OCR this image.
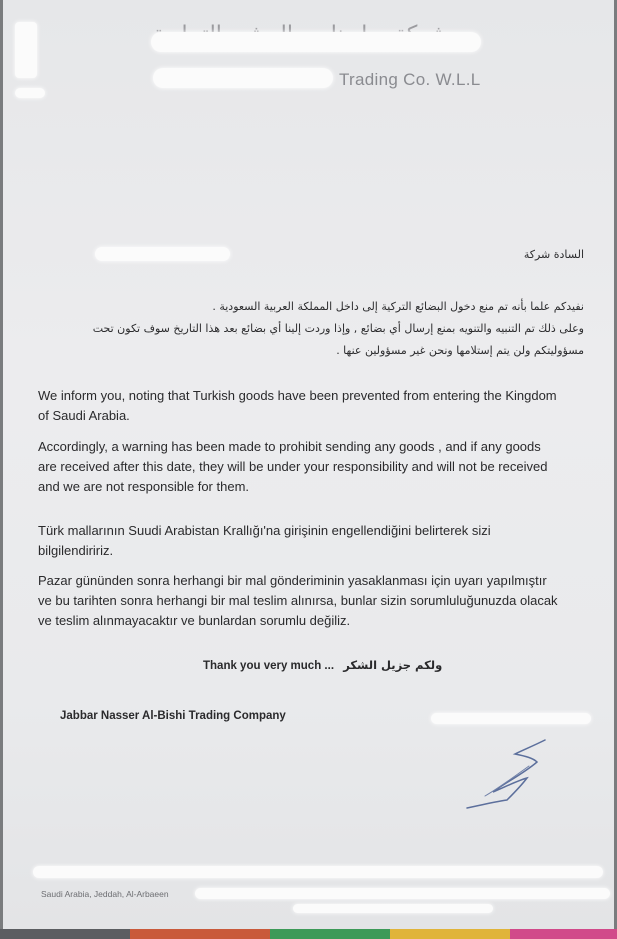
Trading Co. W.L.L
السادة شركة
نفيدكم علما بأنه تم منع دخول البضائع التركية إلى داخل المملكة العربية السعودية .
وعلى ذلك تم التنبيه والتنويه بمنع إرسال أي بضائع , وإذا وردت إلينا أي بضائع بعد هذا التاريخ سوف تكون تحت
مسؤوليتكم ولن يتم إستلامها ونحن غير مسؤولين عنها .
We inform you, noting that Turkish goods have been prevented from entering the Kingdom of Saudi Arabia.
Accordingly, a warning has been made to prohibit sending any goods , and if any goods are received after this date, they will be under your responsibility and will not be received and we are not responsible for them.
Türk mallarının Suudi Arabistan Krallığı'na girişinin engellendiğini belirterek sizi bilgilendiririz.
Pazar gününden sonra herhangi bir mal gönderiminin yasaklanması için uyarı yapılmıştır ve bu tarihten sonra herhangi bir mal teslim alınırsa, bunlar sizin sorumluluğunuzda olacak ve teslim alınmayacaktır ve bunlardan sorumlu değiliz.
Thank you very much ... ولكم جزيل الشكر
Jabbar Nasser Al-Bishi Trading Company
Saudi Arabia, Jeddah, Al-Arbaeen
